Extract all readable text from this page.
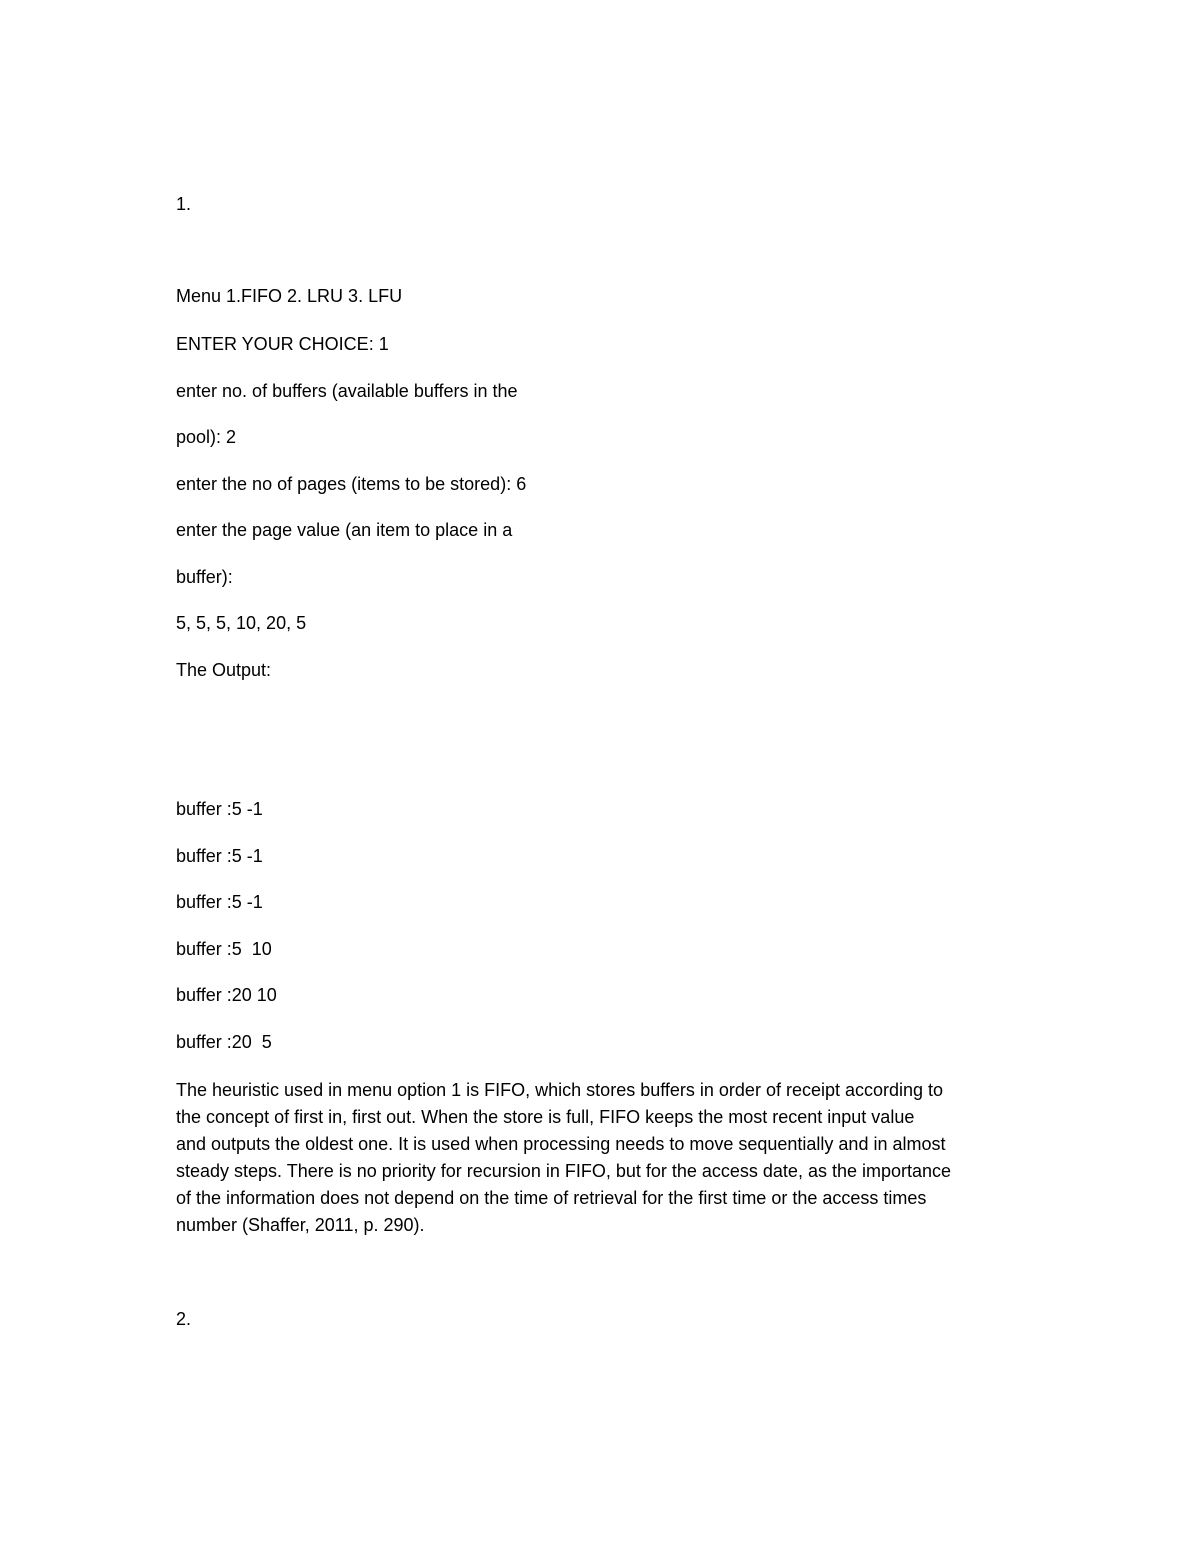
1.
Menu 1.FIFO 2. LRU 3. LFU
ENTER YOUR CHOICE: 1
enter no. of buffers (available buffers in the
pool): 2
enter the no of pages (items to be stored): 6
enter the page value (an item to place in a
buffer):
5, 5, 5, 10, 20, 5
The Output:
buffer :5 -1
buffer :5 -1
buffer :5 -1
buffer :5  10
buffer :20 10
buffer :20  5
The heuristic used in menu option 1 is FIFO, which stores buffers in order of receipt according to
the concept of first in, first out. When the store is full, FIFO keeps the most recent input value
and outputs the oldest one. It is used when processing needs to move sequentially and in almost
steady steps. There is no priority for recursion in FIFO, but for the access date, as the importance
of the information does not depend on the time of retrieval for the first time or the access times
number (Shaffer, 2011, p. 290).
2.
